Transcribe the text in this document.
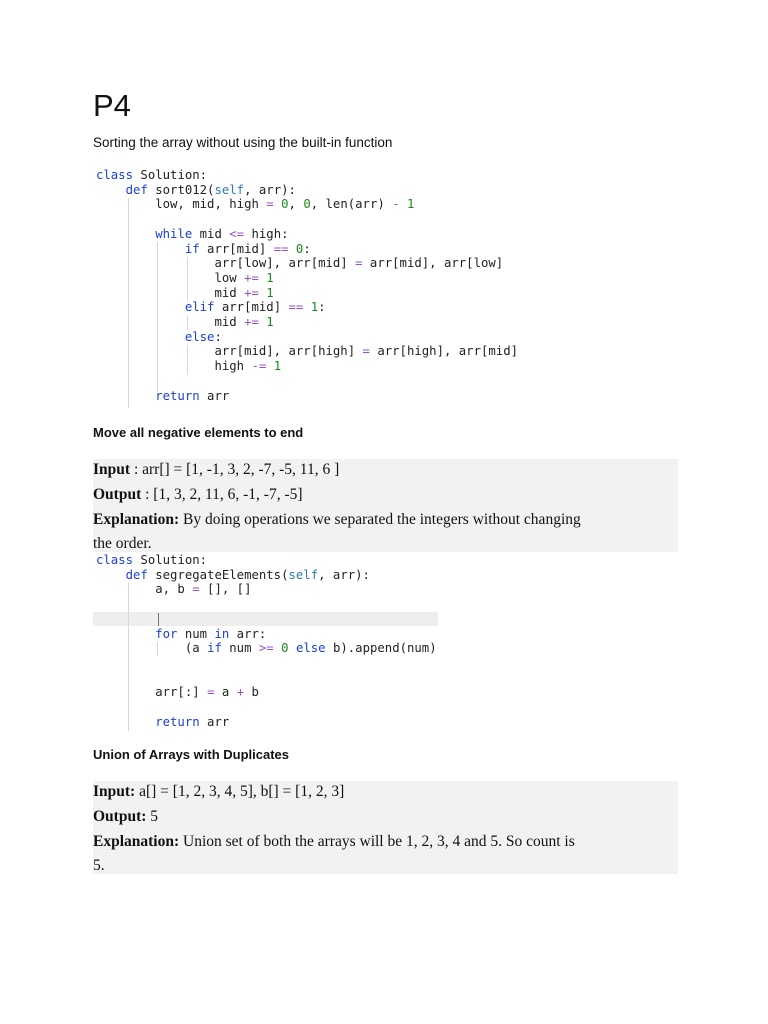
P4
Sorting the array without using the built-in function

class Solution:
def sort012(self, arr):
low, mid, high = 0, 0, len(arr) - 1
while mid <= high:
if arr[mid] == 0:
arr[low], arr[mid] = arr[mid], arr[low]
low += 1
mid += 1
elif arr[mid] == 1:
mid += 1
else:
arr[mid], arr[high] = arr[high], arr[mid]
high -= 1
return arr
Move all negative elements to end
Input : arr[] = [1, -1, 3, 2, -7, -5, 11, 6 ]
Output : [1, 3, 2, 11, 6, -1, -7, -5]
Explanation: By doing operations we separated the integers without changing
the order.

class Solution:
def segregateElements(self, arr):
a, b = [], []
for num in arr:
(a if num >= 0 else b).append(num)
arr[:] = a + b
return arr
Union of Arrays with Duplicates
Input: a[] = [1, 2, 3, 4, 5], b[] = [1, 2, 3]
Output: 5
Explanation: Union set of both the arrays will be 1, 2, 3, 4 and 5. So count is
5.
